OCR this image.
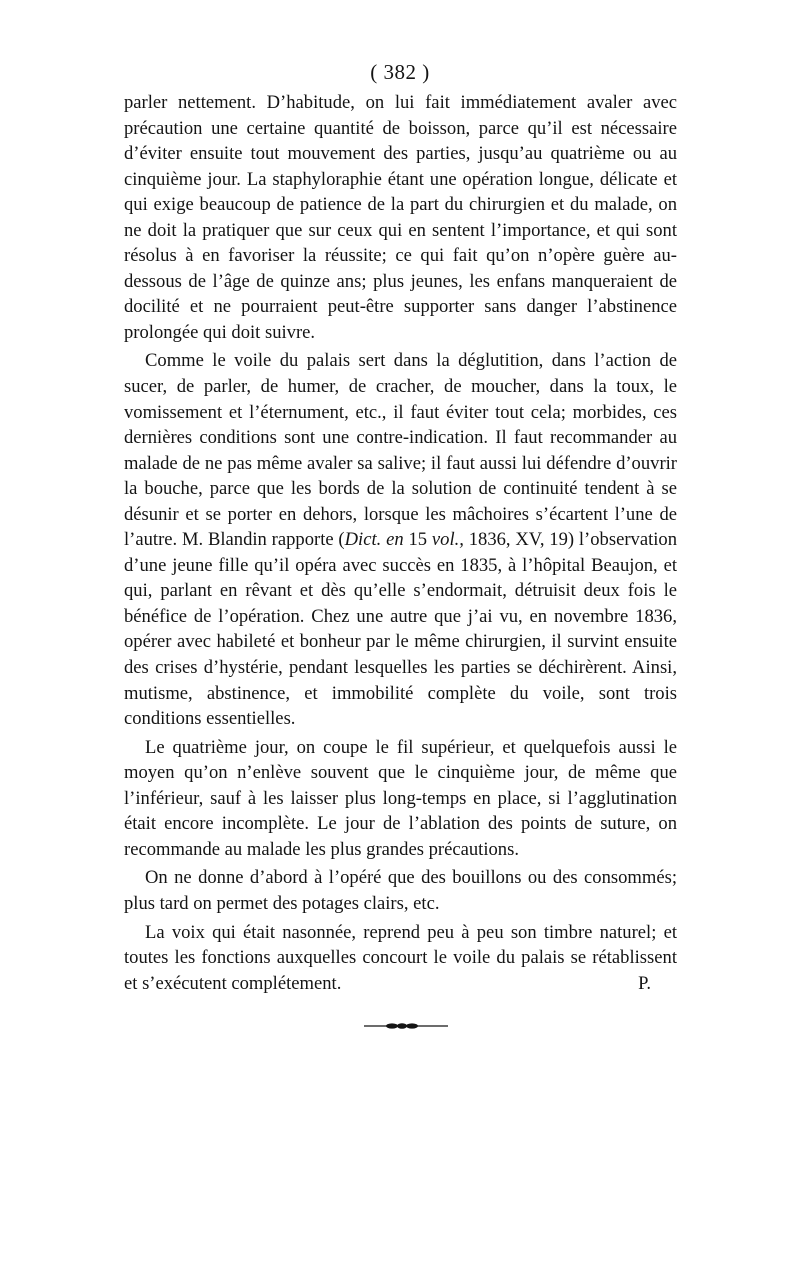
( 382 )

parler nettement. D’habitude, on lui fait immédiatement avaler avec précaution une certaine quantité de boisson, parce qu’il est nécessaire d’éviter ensuite tout mouvement des parties, jusqu’au quatrième ou au cinquième jour. La staphyloraphie étant une opération longue, délicate et qui exige beaucoup de patience de la part du chirurgien et du malade, on ne doit la pratiquer que sur ceux qui en sentent l’importance, et qui sont résolus à en favoriser la réussite; ce qui fait qu’on n’opère guère au-dessous de l’âge de quinze ans; plus jeunes, les enfans manqueraient de docilité et ne pourraient peut-être supporter sans danger l’abstinence prolongée qui doit suivre.

Comme le voile du palais sert dans la déglutition, dans l’action de sucer, de parler, de humer, de cracher, de moucher, dans la toux, le vomissement et l’éternument, etc., il faut éviter tout cela; morbides, ces dernières conditions sont une contre-indication. Il faut recommander au malade de ne pas même avaler sa salive; il faut aussi lui défendre d’ouvrir la bouche, parce que les bords de la solution de continuité tendent à se désunir et se porter en dehors, lorsque les mâchoires s’écartent l’une de l’autre. M. Blandin rapporte (Dict. en 15 vol., 1836, XV, 19) l’observation d’une jeune fille qu’il opéra avec succès en 1835, à l’hôpital Beaujon, et qui, parlant en rêvant et dès qu’elle s’endormait, détruisit deux fois le bénéfice de l’opération. Chez une autre que j’ai vu, en novembre 1836, opérer avec habileté et bonheur par le même chirurgien, il survint ensuite des crises d’hystérie, pendant lesquelles les parties se déchirèrent. Ainsi, mutisme, abstinence, et immobilité complète du voile, sont trois conditions essentielles.

Le quatrième jour, on coupe le fil supérieur, et quelquefois aussi le moyen qu’on n’enlève souvent que le cinquième jour, de même que l’inférieur, sauf à les laisser plus long-temps en place, si l’agglutination était encore incomplète. Le jour de l’ablation des points de suture, on recommande au malade les plus grandes précautions.

On ne donne d’abord à l’opéré que des bouillons ou des consommés; plus tard on permet des potages clairs, etc.

La voix qui était nasonnée, reprend peu à peu son timbre naturel; et toutes les fonctions auxquelles concourt le voile du palais se rétablissent et s’exécutent complétement.	P.
